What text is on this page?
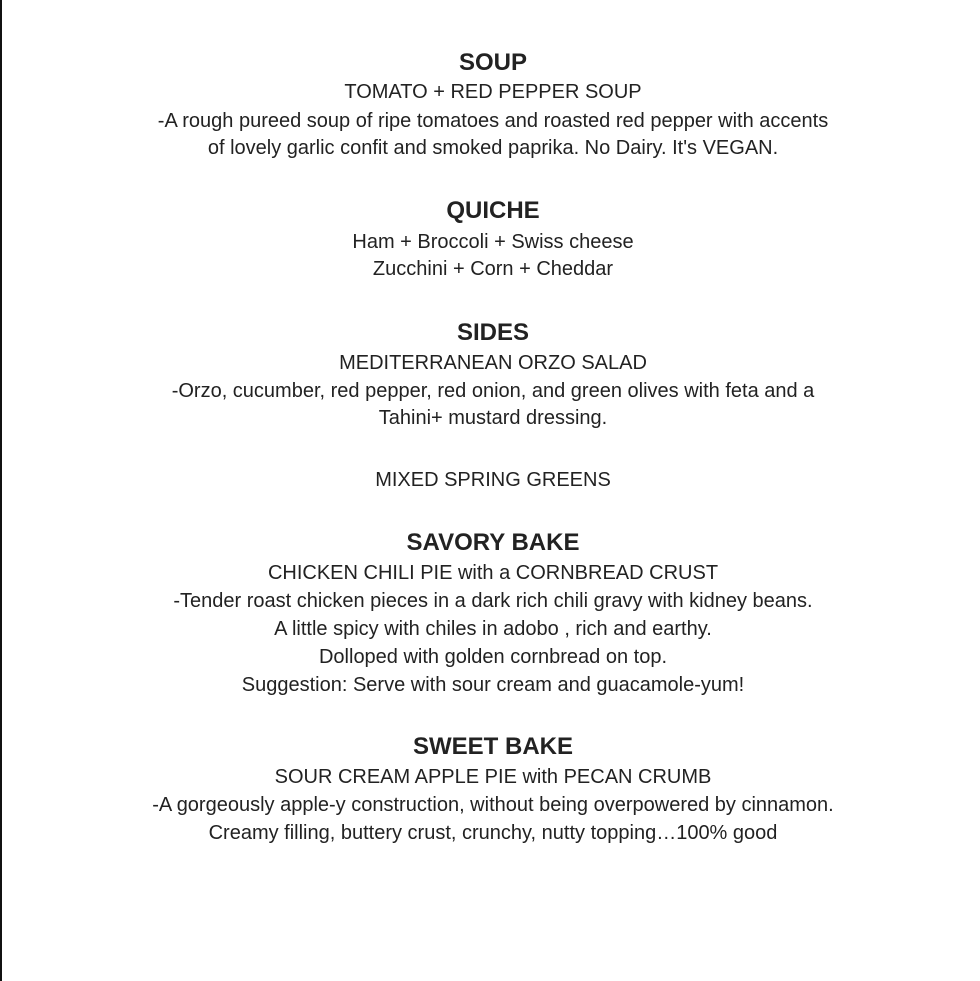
SOUP
TOMATO + RED PEPPER SOUP
-A rough pureed soup of ripe tomatoes and roasted red pepper with accents
of lovely garlic confit and smoked paprika. No Dairy. It's VEGAN.
QUICHE
Ham + Broccoli + Swiss cheese
Zucchini + Corn + Cheddar
SIDES
MEDITERRANEAN ORZO SALAD
-Orzo, cucumber, red pepper, red onion, and green olives with feta and a
Tahini+ mustard dressing.
MIXED SPRING GREENS
SAVORY BAKE
CHICKEN CHILI PIE with a CORNBREAD CRUST
-Tender roast chicken pieces in a dark rich chili gravy with kidney beans.
A little spicy with chiles in adobo , rich and earthy.
Dolloped with golden cornbread on top.
Suggestion: Serve with sour cream and guacamole-yum!
SWEET BAKE
SOUR CREAM APPLE PIE with PECAN CRUMB
-A gorgeously apple-y construction, without being overpowered by cinnamon.
Creamy filling, buttery crust, crunchy, nutty topping…100% good
